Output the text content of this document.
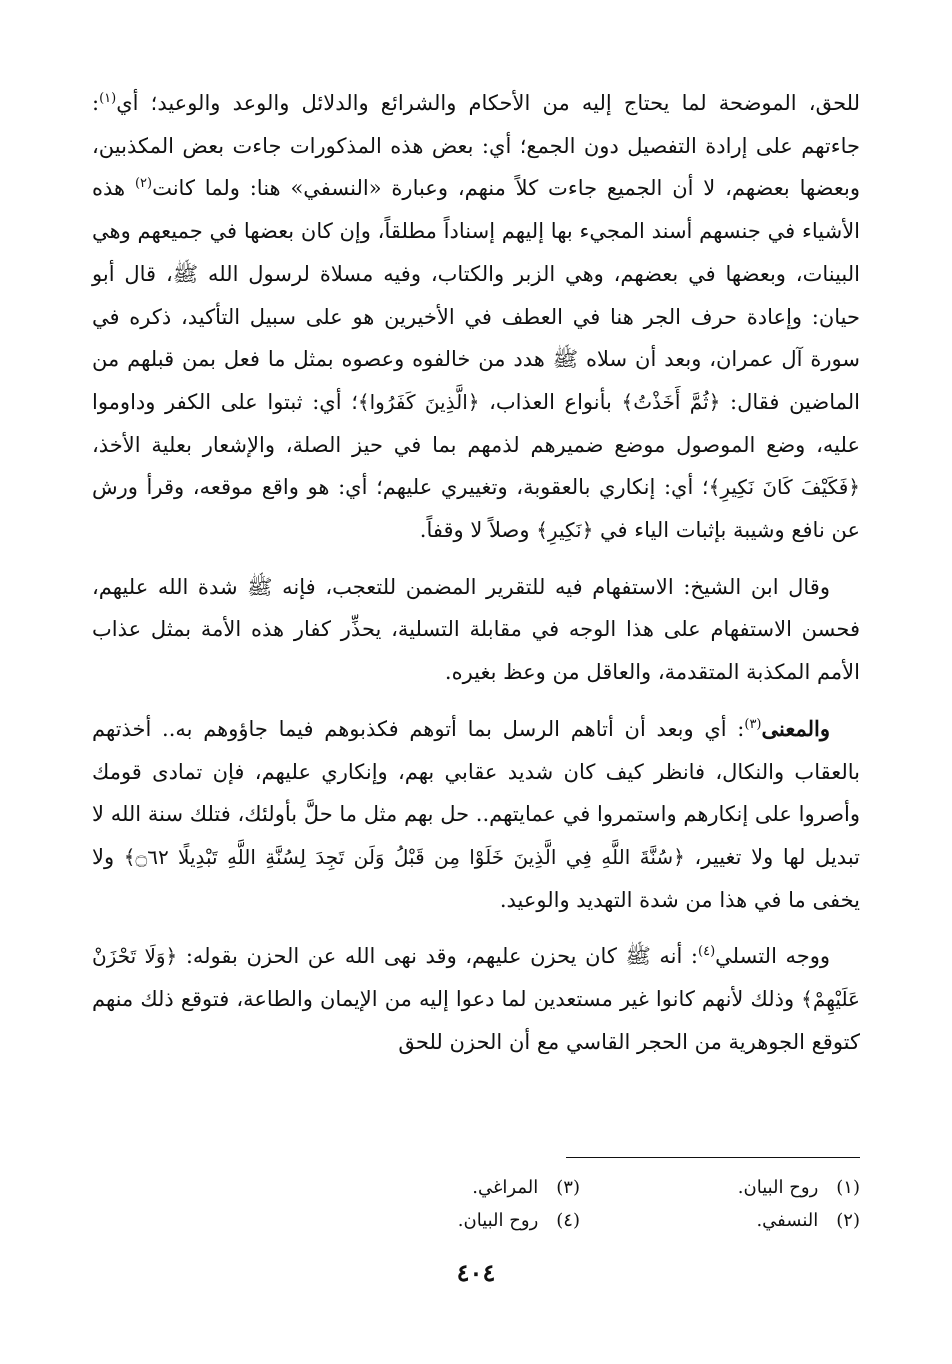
للحق، الموضحة لما يحتاج إليه من الأحكام والشرائع والدلائل والوعد والوعيد؛ أي$^{(١)}$: جاءتهم على إرادة التفصيل دون الجمع؛ أي: بعض هذه المذكورات جاءت بعض المكذبين، وبعضها بعضهم، لا أن الجميع جاءت كلاً منهم، وعبارة «النسفي» هنا: ولما كانت$^{(٢)}$ هذه الأشياء في جنسهم أسند المجيء بها إليهم إسناداً مطلقاً، وإن كان بعضها في جميعهم وهي البينات، وبعضها في بعضهم، وهي الزبر والكتاب، وفيه مسلاة لرسول الله ﷺ، قال أبو حيان: وإعادة حرف الجر هنا في العطف في الأخيرين هو على سبيل التأكيد، ذكره في سورة آل عمران، وبعد أن سلاه ﷺ هدد من خالفوه وعصوه بمثل ما فعل بمن قبلهم من الماضين فقال: ﴿ثُمَّ أَخَذْتُ﴾ بأنواع العذاب، ﴿الَّذِينَ كَفَرُوا﴾؛ أي: ثبتوا على الكفر وداوموا عليه، وضع الموصول موضع ضميرهم لذمهم بما في حيز الصلة، والإشعار بعلية الأخذ، ﴿فَكَيْفَ كَانَ نَكِيرِ﴾؛ أي: إنكاري بالعقوبة، وتغييري عليهم؛ أي: هو واقع موقعه، وقرأ ورش عن نافع وشيبة بإثبات الياء في ﴿نَكِيرِ﴾ وصلاً لا وقفاً.

وقال ابن الشيخ: الاستفهام فيه للتقرير المضمن للتعجب، فإنه ﷺ شدة الله عليهم، فحسن الاستفهام على هذا الوجه في مقابلة التسلية، يحذِّر كفار هذه الأمة بمثل عذاب الأمم المكذبة المتقدمة، والعاقل من وعظ بغيره.

والمعنى$^{(٣)}$: أي وبعد أن أتاهم الرسل بما أتوهم فكذبوهم فيما جاؤوهم به.. أخذتهم بالعقاب والنكال، فانظر كيف كان شديد عقابي بهم، وإنكاري عليهم، فإن تمادى قومك وأصروا على إنكارهم واستمروا في عمايتهم.. حل بهم مثل ما حلَّ بأولئك، فتلك سنة الله لا تبديل لها ولا تغيير، ﴿سُنَّةَ اللَّهِ فِي الَّذِينَ خَلَوْا مِن قَبْلُ وَلَن تَجِدَ لِسُنَّةِ اللَّهِ تَبْدِيلًا ۝٦٢﴾ ولا يخفى ما في هذا من شدة التهديد والوعيد.

ووجه التسلي$^{(٤)}$: أنه ﷺ كان يحزن عليهم، وقد نهى الله عن الحزن بقوله: ﴿وَلَا تَحْزَنْ عَلَيْهِمْ﴾ وذلك لأنهم كانوا غير مستعدين لما دعوا إليه من الإيمان والطاعة، فتوقع ذلك منهم كتوقع الجوهرية من الحجر القاسي مع أن الحزن للحق

(١)روح البيان.
(٣)المراغي.
(٢)النسفي.
(٤)روح البيان.
٤٠٤
